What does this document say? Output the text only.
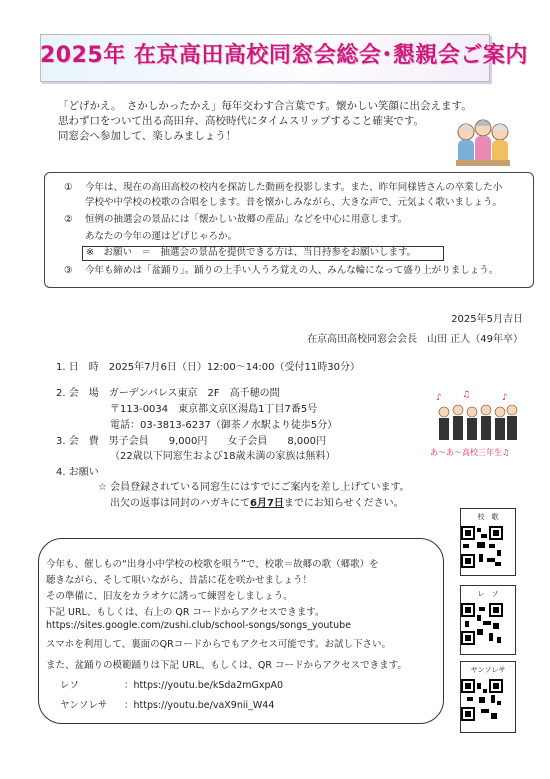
2025年 在京高田高校同窓会総会･懇親会ご案内
「どげかえ。　さかしかったかえ」毎年交わす合言葉です。懐かしい笑顔に出会えます。
思わず口をついて出る高田弁、高校時代にタイムスリップすること確実です。
同窓会へ参加して、楽しみましょう！
① 今年は、現在の高田高校の校内を探訪した動画を投影します。また、昨年同様皆さんの卒業した小
学校や中学校の校歌の合唱をします。昔を懐かしみながら、大きな声で、元気よく歌いましょう。
② 恒例の抽選会の景品には「懐かしい故郷の産品」などを中心に用意します。
あなたの今年の運はどげじゃろか。
※　お願い　＝　抽選会の景品を提供できる方は、当日持参をお願いします。
③ 今年も締めは「盆踊り」。踊りの上手い人うろ覚えの人、みんな輪になって盛り上がりましょう。
2025年5月吉日
在京高田高校同窓会会長　山田 正人（49年卒）
1. 日　時　2025年7月6日（日）12:00～14:00（受付11時30分）
2. 会　場　ガーデンパレス東京　2F　高千穂の間
〒113-0034　東京都文京区湯島1丁目7番5号
電話：03-3813-6237（御茶ノ水駅より徒歩5分）
3. 会　費　男子会員　　9,000円　　女子会員　　8,000円
（22歳以下同窓生および18歳未満の家族は無料）
4. お願い
☆ 会員登録されている同窓生にはすでにご案内を差し上げています。
出欠の返事は同封のハガキにて6月7日までにお知らせください。
♪ ♫	♪
あ～あ～高校三年生♫
校　歌
レ　ソ
ヤンソレサ
今年も、催しもの“出身小中学校の校歌を唄う”で、校歌＝故郷の歌（郷歌）を
聴きながら、そして唄いながら、昔話に花を咲かせましょう！
その準備に、旧友をカラオケに誘って練習をしましょう。
下記 URL、もしくは、右上の QR コードからアクセスできます。
https://sites.google.com/zushi.club/school-songs/songs_youtube
スマホを利用して、裏面のQRコードからでもアクセス可能です。お試し下さい。
また、盆踊りの模範踊りは下記 URL、もしくは、QR コードからアクセスできます。
レソ	：https://youtu.be/kSda2mGxpA0
ヤンソレサ ：https://youtu.be/vaX9nii_W44
